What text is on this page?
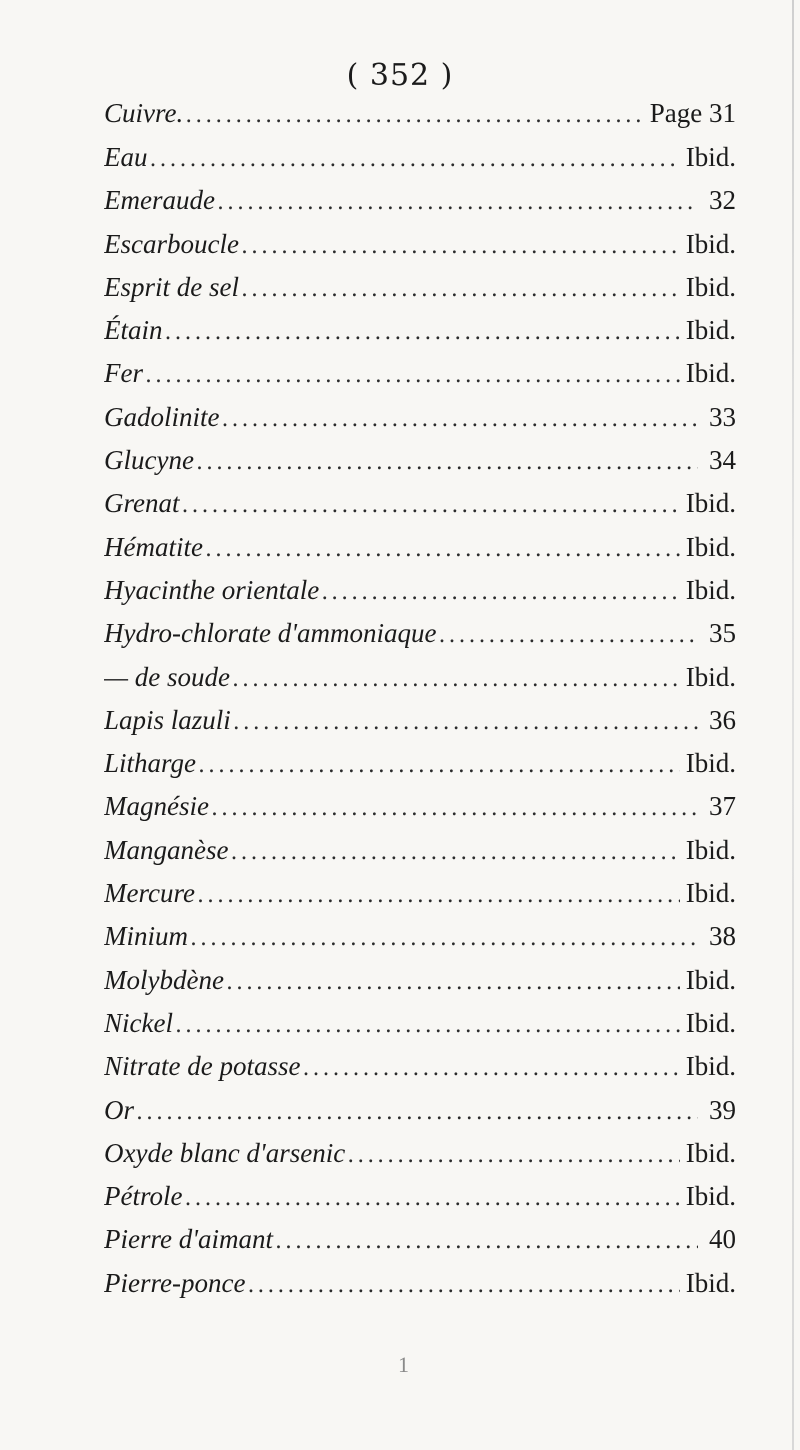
( 352 )
Cuivre. .....	Page 31
Eau .....	Ibid.
Emeraude .....	32
Escarboucle .....	Ibid.
Esprit de sel .....	Ibid.
Étain .....	Ibid.
Fer .....	Ibid.
Gadolinite .....	33
Glucyne .....	34
Grenat .....	Ibid.
Hématite .....	Ibid.
Hyacinthe orientale .....	Ibid.
Hydro-chlorate d'ammoniaque .....	35
— de soude .....	Ibid.
Lapis lazuli .....	36
Litharge .....	Ibid.
Magnésie .....	37
Manganèse .....	Ibid.
Mercure .....	Ibid.
Minium .....	38
Molybdène .....	Ibid.
Nickel .....	Ibid.
Nitrate de potasse .....	Ibid.
Or .....	39
Oxyde blanc d'arsenic .....	Ibid.
Pétrole .....	Ibid.
Pierre d'aimant .....	40
Pierre-ponce .....	Ibid.
1
